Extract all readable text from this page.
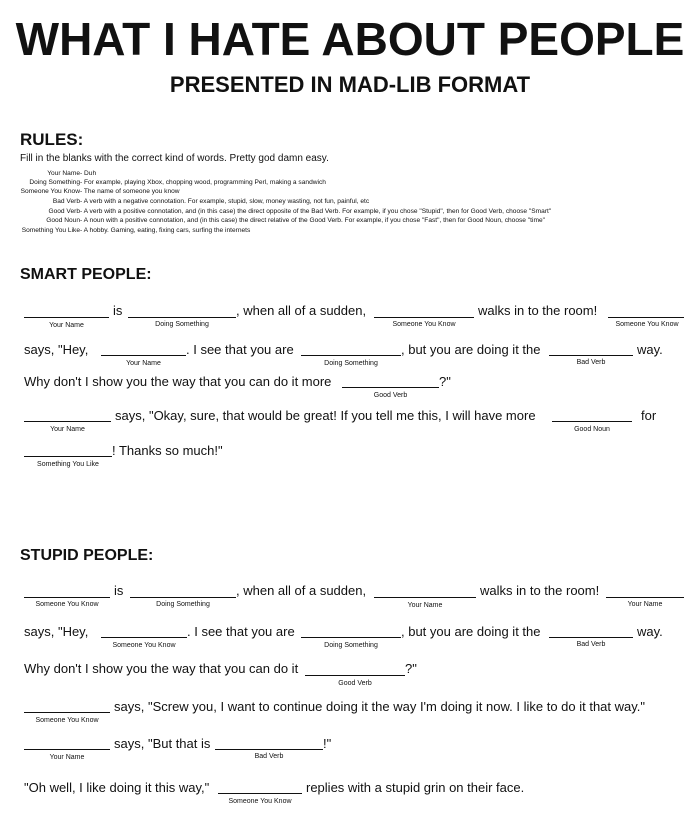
WHAT I HATE ABOUT PEOPLE
PRESENTED IN MAD-LIB FORMAT
RULES:
Fill in the blanks with the correct kind of words. Pretty god damn easy.
Your Name - Duh
Doing Something - For example, playing Xbox, chopping wood, programming Perl, making a sandwich
Someone You Know - The name of someone you know
Bad Verb - A verb with a negative connotation. For example, stupid, slow, money wasting, not fun, painful, etc
Good Verb - A verb with a positive connotation, and (in this case) the direct opposite of the Bad Verb. For example, if you chose "Stupid", then for Good Verb, choose "Smart"
Good Noun - A noun with a positive connotation, and (in this case) the direct relative of the Good Verb. For example, if you chose "Fast", then for Good Noun, choose "time"
Something You Like - A hobby. Gaming, eating, fixing cars, surfing the internets
SMART PEOPLE:
Your Name
is
Doing Something
, when all of a sudden,
Someone You Know
walks in to the room!
Someone You Know
says, "Hey,
Your Name
. I see that you are
Doing Something
, but you are doing it the
Bad Verb
way.
Why don't I show you the way that you can do it more
Good Verb
?"
Your Name
says, "Okay, sure, that would be great! If you tell me this, I will have more
Good Noun
for
Something You Like
! Thanks so much!"
STUPID PEOPLE:
Someone You Know
is
Doing Something
, when all of a sudden,
Your Name
walks in to the room!
Your Name
says, "Hey,
Someone You Know
. I see that you are
Doing Something
, but you are doing it the
Bad Verb
way.
Why don't I show you the way that you can do it
Good Verb
?"
Someone You Know
says, "Screw you, I want to continue doing it the way I'm doing it now. I like to do it that way."
Your Name
says, "But that is
Bad Verb
!"
"Oh well, I like doing it this way,"
Someone You Know
replies with a stupid grin on their face.
